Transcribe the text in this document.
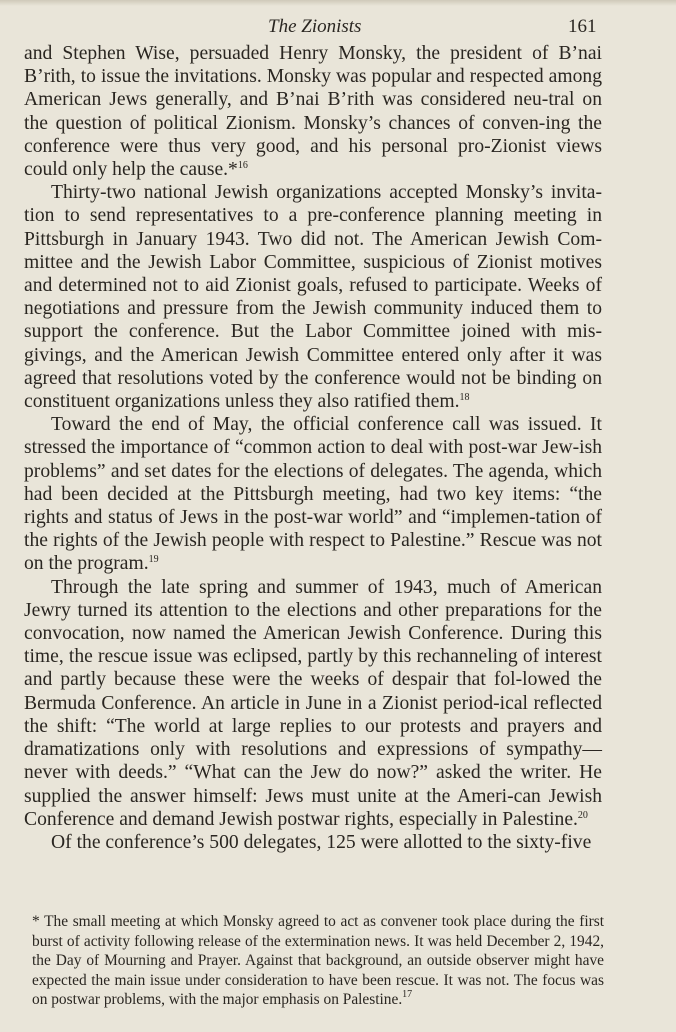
The Zionists	161

and Stephen Wise, persuaded Henry Monsky, the president of B’nai B’rith, to issue the invitations. Monsky was popular and respected among American Jews generally, and B’nai B’rith was considered neu-tral on the question of political Zionism. Monsky’s chances of conven-ing the conference were thus very good, and his personal pro-Zionist views could only help the cause.*$^{16}$

Thirty-two national Jewish organizations accepted Monsky’s invita-tion to send representatives to a pre-conference planning meeting in Pittsburgh in January 1943. Two did not. The American Jewish Com-mittee and the Jewish Labor Committee, suspicious of Zionist motives and determined not to aid Zionist goals, refused to participate. Weeks of negotiations and pressure from the Jewish community induced them to support the conference. But the Labor Committee joined with mis-givings, and the American Jewish Committee entered only after it was agreed that resolutions voted by the conference would not be binding on constituent organizations unless they also ratified them.$^{18}$

Toward the end of May, the official conference call was issued. It stressed the importance of “common action to deal with post-war Jew-ish problems” and set dates for the elections of delegates. The agenda, which had been decided at the Pittsburgh meeting, had two key items: “the rights and status of Jews in the post-war world” and “implemen-tation of the rights of the Jewish people with respect to Palestine.” Rescue was not on the program.$^{19}$

Through the late spring and summer of 1943, much of American Jewry turned its attention to the elections and other preparations for the convocation, now named the American Jewish Conference. During this time, the rescue issue was eclipsed, partly by this rechanneling of interest and partly because these were the weeks of despair that fol-lowed the Bermuda Conference. An article in June in a Zionist period-ical reflected the shift: “The world at large replies to our protests and prayers and dramatizations only with resolutions and expressions of sympathy—never with deeds.” “What can the Jew do now?” asked the writer. He supplied the answer himself: Jews must unite at the Ameri-can Jewish Conference and demand Jewish postwar rights, especially in Palestine.$^{20}$

Of the conference’s 500 delegates, 125 were allotted to the sixty-five

* The small meeting at which Monsky agreed to act as convener took place during the first burst of activity following release of the extermination news. It was held December 2, 1942, the Day of Mourning and Prayer. Against that background, an outside observer might have expected the main issue under consideration to have been rescue. It was not. The focus was on postwar problems, with the major emphasis on Palestine.$^{17}$
